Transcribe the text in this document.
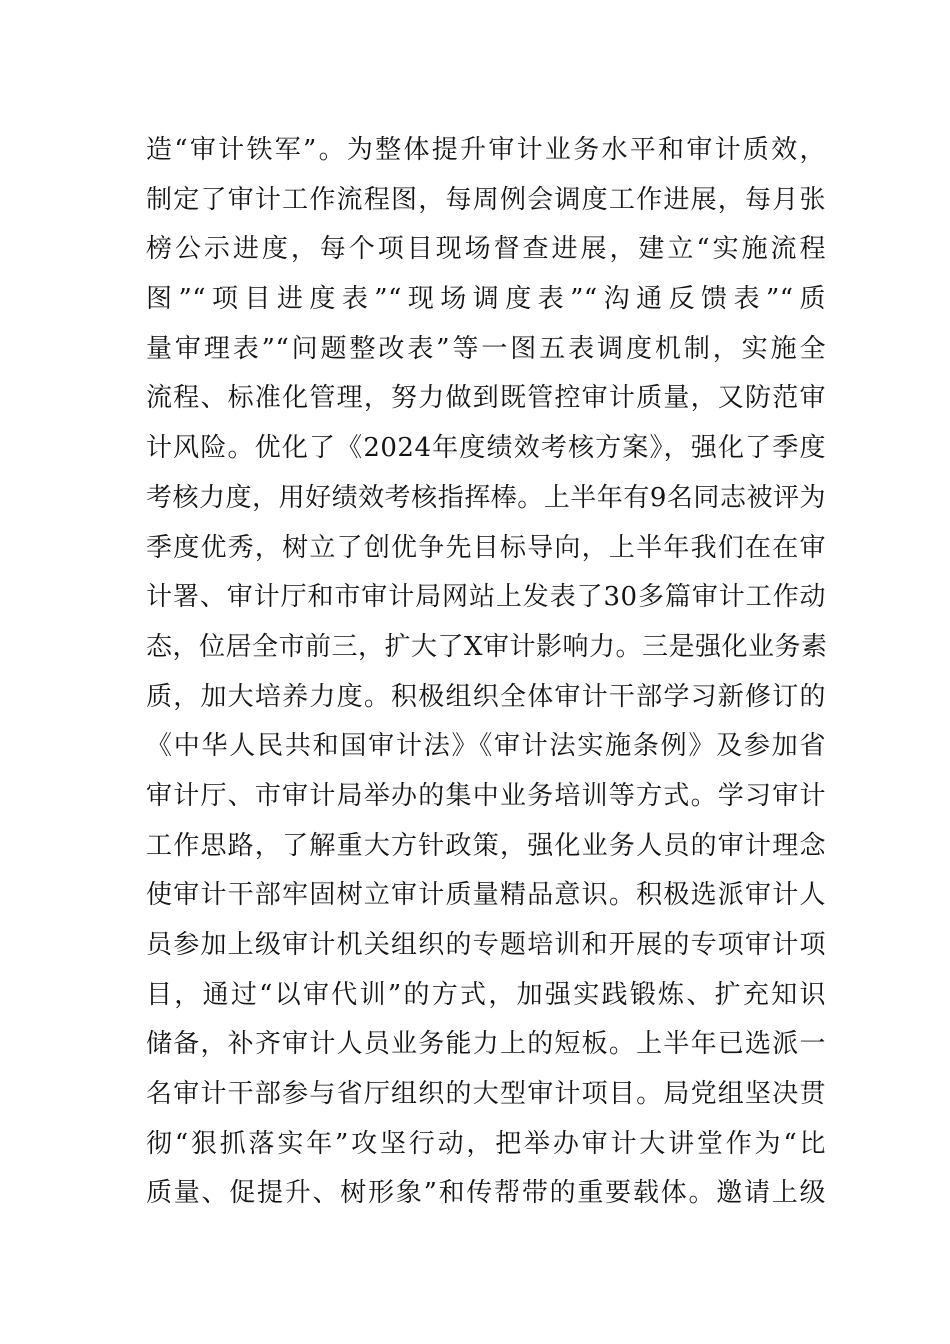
造“审计铁军”。为整体提升审计业务水平和审计质效，
制定了审计工作流程图，每周例会调度工作进展，每月张
榜公示进度，每个项目现场督查进展，建立“实施流程
图”“项目进度表”“现场调度表”“沟通反馈表”“质
量审理表”“问题整改表”等一图五表调度机制，实施全
流程、标准化管理，努力做到既管控审计质量，又防范审
计风险。优化了《2024年度绩效考核方案》，强化了季度
考核力度，用好绩效考核指挥棒。上半年有9名同志被评为
季度优秀，树立了创优争先目标导向，上半年我们在在审
计署、审计厅和市审计局网站上发表了30多篇审计工作动
态，位居全市前三，扩大了X审计影响力。三是强化业务素
质，加大培养力度。积极组织全体审计干部学习新修订的
《中华人民共和国审计法》《审计法实施条例》及参加省
审计厅、市审计局举办的集中业务培训等方式。学习审计
工作思路，了解重大方针政策，强化业务人员的审计理念
使审计干部牢固树立审计质量精品意识。积极选派审计人
员参加上级审计机关组织的专题培训和开展的专项审计项
目，通过“以审代训”的方式，加强实践锻炼、扩充知识
储备，补齐审计人员业务能力上的短板。上半年已选派一
名审计干部参与省厅组织的大型审计项目。局党组坚决贯
彻“狠抓落实年”攻坚行动，把举办审计大讲堂作为“比
质量、促提升、树形象”和传帮带的重要载体。邀请上级
